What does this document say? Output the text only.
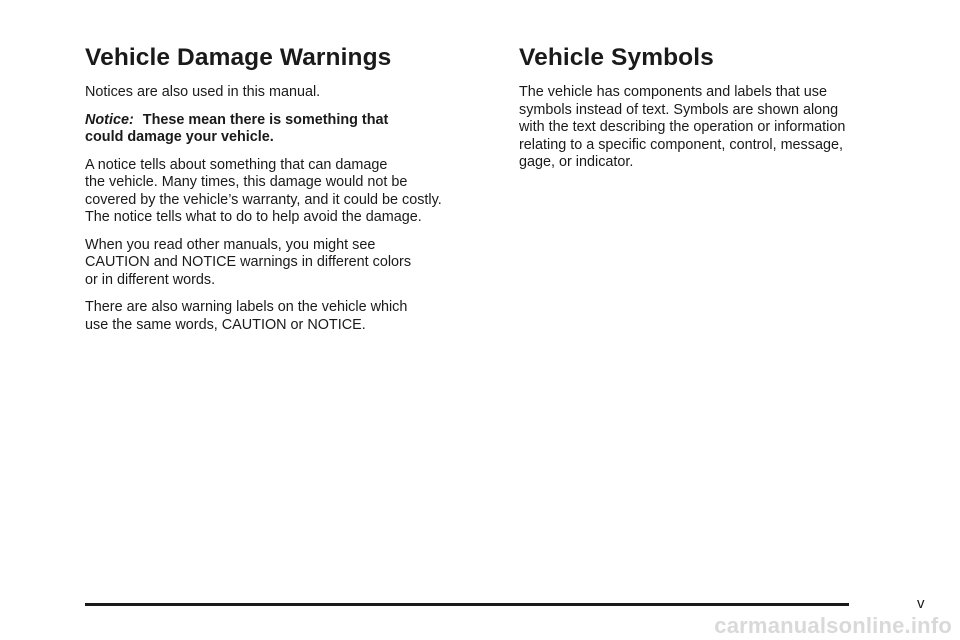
Vehicle Damage Warnings

Notices are also used in this manual.

Notice: These mean there is something that
could damage your vehicle.

A notice tells about something that can damage
the vehicle. Many times, this damage would not be
covered by the vehicle’s warranty, and it could be costly.
The notice tells what to do to help avoid the damage.

When you read other manuals, you might see
CAUTION and NOTICE warnings in different colors
or in different words.

There are also warning labels on the vehicle which
use the same words, CAUTION or NOTICE.

Vehicle Symbols

The vehicle has components and labels that use
symbols instead of text. Symbols are shown along
with the text describing the operation or information
relating to a specific component, control, message,
gage, or indicator.

v
carmanualsonline.info
